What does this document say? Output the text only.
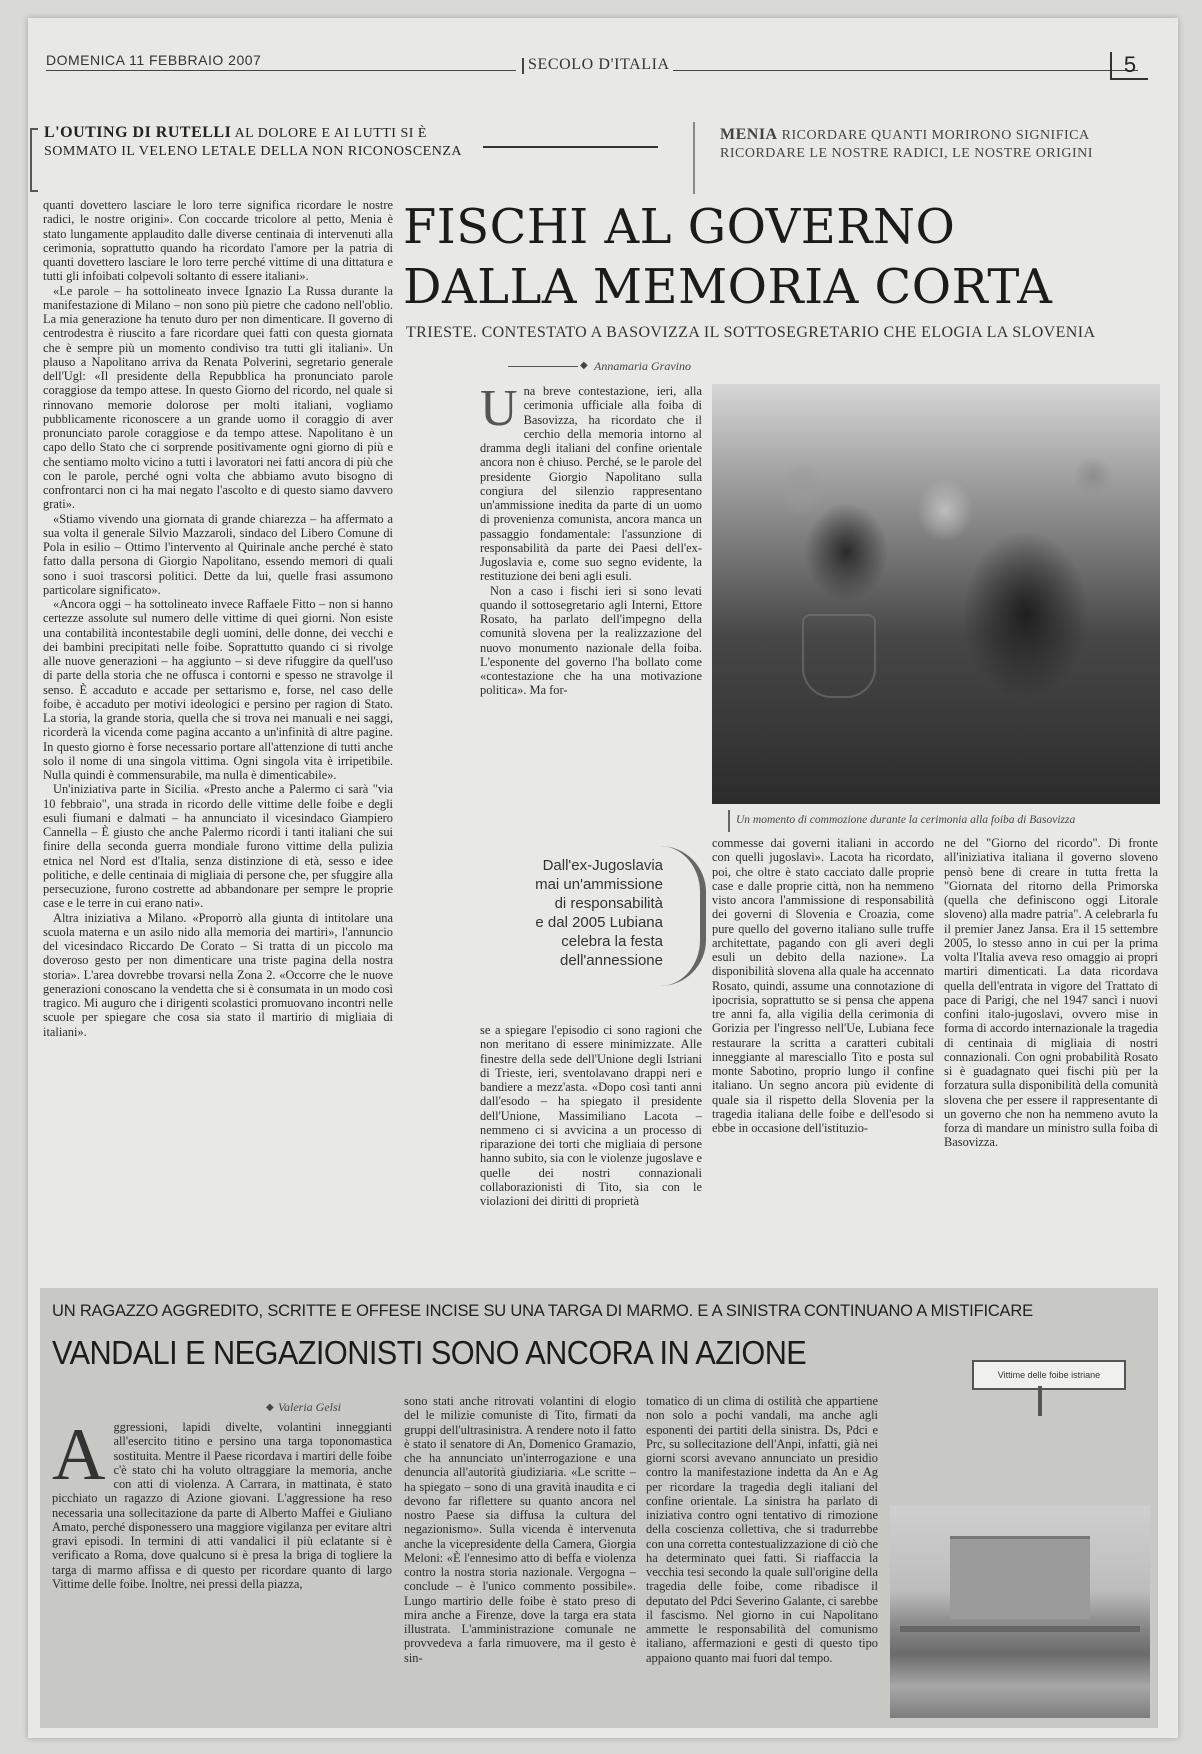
DOMENICA 11 FEBBRAIO 2007	SECOLO D'ITALIA	5
L'OUTING DI RUTELLI AL DOLORE E AI LUTTI SI È
SOMMATO IL VELENO LETALE DELLA NON RICONOSCENZA
MENIA RICORDARE QUANTI MORIRONO SIGNIFICA
RICORDARE LE NOSTRE RADICI, LE NOSTRE ORIGINI

quanti dovettero lasciare le loro terre significa ricordare le nostre radici, le nostre origini». Con coccarde tricolore al petto, Menia è stato lungamente applaudito dalle diverse centinaia di intervenuti alla cerimonia, soprattutto quando ha ricordato l'amore per la patria di quanti dovettero lasciare le loro terre perché vittime di una dittatura e tutti gli infoibati colpevoli soltanto di essere italiani».

«Le parole – ha sottolineato invece Ignazio La Russa durante la manifestazione di Milano – non sono più pietre che cadono nell'oblio. La mia generazione ha tenuto duro per non dimenticare. Il governo di centrodestra è riuscito a fare ricordare quei fatti con questa giornata che è sempre più un momento condiviso tra tutti gli italiani». Un plauso a Napolitano arriva da Renata Polverini, segretario generale dell'Ugl: «Il presidente della Repubblica ha pronunciato parole coraggiose da tempo attese. In questo Giorno del ricordo, nel quale si rinnovano memorie dolorose per molti italiani, vogliamo pubblicamente riconoscere a un grande uomo il coraggio di aver pronunciato parole coraggiose e da tempo attese. Napolitano è un capo dello Stato che ci sorprende positivamente ogni giorno di più e che sentiamo molto vicino a tutti i lavoratori nei fatti ancora di più che con le parole, perché ogni volta che abbiamo avuto bisogno di confrontarci non ci ha mai negato l'ascolto e di questo siamo davvero grati».

«Stiamo vivendo una giornata di grande chiarezza – ha affermato a sua volta il generale Silvio Mazzaroli, sindaco del Libero Comune di Pola in esilio – Ottimo l'intervento al Quirinale anche perché è stato fatto dalla persona di Giorgio Napolitano, essendo memori di quali sono i suoi trascorsi politici. Dette da lui, quelle frasi assumono particolare significato».

«Ancora oggi – ha sottolineato invece Raffaele Fitto – non si hanno certezze assolute sul numero delle vittime di quei giorni. Non esiste una contabilità incontestabile degli uomini, delle donne, dei vecchi e dei bambini precipitati nelle foibe. Soprattutto quando ci si rivolge alle nuove generazioni – ha aggiunto – si deve rifuggire da quell'uso di parte della storia che ne offusca i contorni e spesso ne stravolge il senso. È accaduto e accade per settarismo e, forse, nel caso delle foibe, è accaduto per motivi ideologici e persino per ragion di Stato. La storia, la grande storia, quella che si trova nei manuali e nei saggi, ricorderà la vicenda come pagina accanto a un'infinità di altre pagine. In questo giorno è forse necessario portare all'attenzione di tutti anche solo il nome di una singola vittima. Ogni singola vita è irripetibile. Nulla quindi è commensurabile, ma nulla è dimenticabile».

Un'iniziativa parte in Sicilia. «Presto anche a Palermo ci sarà "via 10 febbraio", una strada in ricordo delle vittime delle foibe e degli esuli fiumani e dalmati – ha annunciato il vicesindaco Giampiero Cannella – È giusto che anche Palermo ricordi i tanti italiani che sui finire della seconda guerra mondiale furono vittime della pulizia etnica nel Nord est d'Italia, senza distinzione di età, sesso e idee politiche, e delle centinaia di migliaia di persone che, per sfuggire alla persecuzione, furono costrette ad abbandonare per sempre le proprie case e le terre in cui erano nati».

Altra iniziativa a Milano. «Proporrò alla giunta di intitolare una scuola materna e un asilo nido alla memoria dei martiri», l'annuncio del vicesindaco Riccardo De Corato – Si tratta di un piccolo ma doveroso gesto per non dimenticare una triste pagina della nostra storia». L'area dovrebbe trovarsi nella Zona 2. «Occorre che le nuove generazioni conoscano la vendetta che si è consumata in un modo così tragico. Mi auguro che i dirigenti scolastici promuovano incontri nelle scuole per spiegare che cosa sia stato il martirio di migliaia di italiani».

FISCHI AL GOVERNO
DALLA MEMORIA CORTA
TRIESTE. CONTESTATO A BASOVIZZA IL SOTTOSEGRETARIO CHE ELOGIA LA SLOVENIA
◆ Annamaria Gravino

Una breve contestazione, ieri, alla cerimonia ufficiale alla foiba di Basovizza, ha ricordato che il cerchio della memoria intorno al dramma degli italiani del confine orientale ancora non è chiuso. Perché, se le parole del presidente Giorgio Napolitano sulla congiura del silenzio rappresentano un'ammissione inedita da parte di un uomo di provenienza comunista, ancora manca un passaggio fondamentale: l'assunzione di responsabilità da parte dei Paesi dell'ex-Jugoslavia e, come suo segno evidente, la restituzione dei beni agli esuli.

Non a caso i fischi ieri si sono levati quando il sottosegretario agli Interni, Ettore Rosato, ha parlato dell'impegno della comunità slovena per la realizzazione del nuovo monumento nazionale della foiba. L'esponente del governo l'ha bollato come «contestazione che ha una motivazione politica». Ma for-

Un momento di commozione durante la cerimonia alla foiba di Basovizza
Dall'ex-Jugoslavia
mai un'ammissione
di responsabilità
e dal 2005 Lubiana
celebra la festa
dell'annessione

se a spiegare l'episodio ci sono ragioni che non meritano di essere minimizzate. Alle finestre della sede dell'Unione degli Istriani di Trieste, ieri, sventolavano drappi neri e bandiere a mezz'asta. «Dopo così tanti anni dall'esodo – ha spiegato il presidente dell'Unione, Massimiliano Lacota – nemmeno ci si avvicina a un processo di riparazione dei torti che migliaia di persone hanno subito, sia con le violenze jugoslave e quelle dei nostri connazionali collaborazionisti di Tito, sia con le violazioni dei diritti di proprietà

commesse dai governi italiani in accordo con quelli jugoslavi». Lacota ha ricordato, poi, che oltre è stato cacciato dalle proprie case e dalle proprie città, non ha nemmeno visto ancora l'ammissione di responsabilità dei governi di Slovenia e Croazia, come pure quello del governo italiano sulle truffe architettate, pagando con gli averi degli esuli un debito della nazione». La disponibilità slovena alla quale ha accennato Rosato, quindi, assume una connotazione di ipocrisia, soprattutto se si pensa che appena tre anni fa, alla vigilia della cerimonia di Gorizia per l'ingresso nell'Ue, Lubiana fece restaurare la scritta a caratteri cubitali inneggiante al maresciallo Tito e posta sul monte Sabotino, proprio lungo il confine italiano. Un segno ancora più evidente di quale sia il rispetto della Slovenia per la tragedia italiana delle foibe e dell'esodo si ebbe in occasione dell'istituzio-

ne del "Giorno del ricordo". Di fronte all'iniziativa italiana il governo sloveno pensò bene di creare in tutta fretta la "Giornata del ritorno della Primorska (quella che definiscono oggi Litorale sloveno) alla madre patria". A celebrarla fu il premier Janez Jansa. Era il 15 settembre 2005, lo stesso anno in cui per la prima volta l'Italia aveva reso omaggio ai propri martiri dimenticati. La data ricordava quella dell'entrata in vigore del Trattato di pace di Parigi, che nel 1947 sancì i nuovi confini italo-jugoslavi, ovvero mise in forma di accordo internazionale la tragedia di centinaia di migliaia di nostri connazionali. Con ogni probabilità Rosato si è guadagnato quei fischi più per la forzatura sulla disponibilità della comunità slovena che per essere il rappresentante di un governo che non ha nemmeno avuto la forza di mandare un ministro sulla foiba di Basovizza.

UN RAGAZZO AGGREDITO, SCRITTE E OFFESE INCISE SU UNA TARGA DI MARMO. E A SINISTRA CONTINUANO A MISTIFICARE
VANDALI E NEGAZIONISTI SONO ANCORA IN AZIONE
Vittime delle foibe istriane
◆ Valeria Gelsi

Aggressioni, lapidi divelte, volantini inneggianti all'esercito titino e persino una targa toponomastica sostituita. Mentre il Paese ricordava i martiri delle foibe c'è stato chi ha voluto oltraggiare la memoria, anche con atti di violenza. A Carrara, in mattinata, è stato picchiato un ragazzo di Azione giovani. L'aggressione ha reso necessaria una sollecitazione da parte di Alberto Maffei e Giuliano Amato, perché disponessero una maggiore vigilanza per evitare altri gravi episodi. In termini di atti vandalici il più eclatante si è verificato a Roma, dove qualcuno si è presa la briga di togliere la targa di marmo affissa e di questo per ricordare quanto di largo Vittime delle foibe. Inoltre, nei pressi della piazza,

sono stati anche ritrovati volantini di elogio del le milizie comuniste di Tito, firmati da gruppi dell'ultrasinistra. A rendere noto il fatto è stato il senatore di An, Domenico Gramazio, che ha annunciato un'interrogazione e una denuncia all'autorità giudiziaria. «Le scritte – ha spiegato – sono di una gravità inaudita e ci devono far riflettere su quanto ancora nel nostro Paese sia diffusa la cultura del negazionismo». Sulla vicenda è intervenuta anche la vicepresidente della Camera, Giorgia Meloni: «È l'ennesimo atto di beffa e violenza contro la nostra storia nazionale. Vergogna – conclude – è l'unico commento possibile». Lungo martirio delle foibe è stato preso di mira anche a Firenze, dove la targa era stata illustrata. L'amministrazione comunale ne provvedeva a farla rimuovere, ma il gesto è sin-

tomatico di un clima di ostilità che appartiene non solo a pochi vandali, ma anche agli esponenti dei partiti della sinistra. Ds, Pdci e Prc, su sollecitazione dell'Anpi, infatti, già nei giorni scorsi avevano annunciato un presidio contro la manifestazione indetta da An e Ag per ricordare la tragedia degli italiani del confine orientale. La sinistra ha parlato di iniziativa contro ogni tentativo di rimozione della coscienza collettiva, che si tradurrebbe con una corretta contestualizzazione di ciò che ha determinato quei fatti. Si riaffaccia la vecchia tesi secondo la quale sull'origine della tragedia delle foibe, come ribadisce il deputato del Pdci Severino Galante, ci sarebbe il fascismo. Nel giorno in cui Napolitano ammette le responsabilità del comunismo italiano, affermazioni e gesti di questo tipo appaiono quanto mai fuori dal tempo.
